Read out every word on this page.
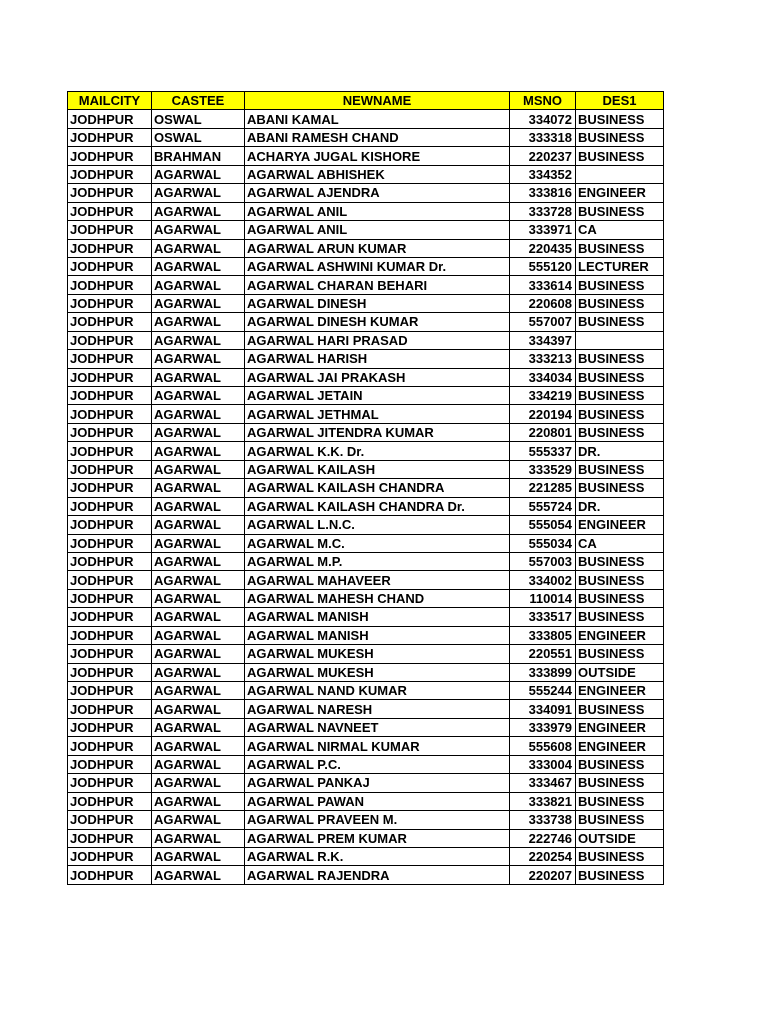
MAILCITY	CASTEE	NEWNAME	MSNO	DES1
JODHPUR	OSWAL	ABANI KAMAL	334072	BUSINESS
JODHPUR	OSWAL	ABANI RAMESH CHAND	333318	BUSINESS
JODHPUR	BRAHMAN	ACHARYA JUGAL KISHORE	220237	BUSINESS
JODHPUR	AGARWAL	AGARWAL ABHISHEK	334352	
JODHPUR	AGARWAL	AGARWAL AJENDRA	333816	ENGINEER
JODHPUR	AGARWAL	AGARWAL ANIL	333728	BUSINESS
JODHPUR	AGARWAL	AGARWAL ANIL	333971	CA
JODHPUR	AGARWAL	AGARWAL ARUN KUMAR	220435	BUSINESS
JODHPUR	AGARWAL	AGARWAL ASHWINI KUMAR Dr.	555120	LECTURER
JODHPUR	AGARWAL	AGARWAL CHARAN BEHARI	333614	BUSINESS
JODHPUR	AGARWAL	AGARWAL DINESH	220608	BUSINESS
JODHPUR	AGARWAL	AGARWAL DINESH KUMAR	557007	BUSINESS
JODHPUR	AGARWAL	AGARWAL HARI PRASAD	334397	
JODHPUR	AGARWAL	AGARWAL HARISH	333213	BUSINESS
JODHPUR	AGARWAL	AGARWAL JAI PRAKASH	334034	BUSINESS
JODHPUR	AGARWAL	AGARWAL JETAIN	334219	BUSINESS
JODHPUR	AGARWAL	AGARWAL JETHMAL	220194	BUSINESS
JODHPUR	AGARWAL	AGARWAL JITENDRA KUMAR	220801	BUSINESS
JODHPUR	AGARWAL	AGARWAL K.K. Dr.	555337	DR.
JODHPUR	AGARWAL	AGARWAL KAILASH	333529	BUSINESS
JODHPUR	AGARWAL	AGARWAL KAILASH CHANDRA	221285	BUSINESS
JODHPUR	AGARWAL	AGARWAL KAILASH CHANDRA Dr.	555724	DR.
JODHPUR	AGARWAL	AGARWAL L.N.C.	555054	ENGINEER
JODHPUR	AGARWAL	AGARWAL M.C.	555034	CA
JODHPUR	AGARWAL	AGARWAL M.P.	557003	BUSINESS
JODHPUR	AGARWAL	AGARWAL MAHAVEER	334002	BUSINESS
JODHPUR	AGARWAL	AGARWAL MAHESH CHAND	110014	BUSINESS
JODHPUR	AGARWAL	AGARWAL MANISH	333517	BUSINESS
JODHPUR	AGARWAL	AGARWAL MANISH	333805	ENGINEER
JODHPUR	AGARWAL	AGARWAL MUKESH	220551	BUSINESS
JODHPUR	AGARWAL	AGARWAL MUKESH	333899	OUTSIDE
JODHPUR	AGARWAL	AGARWAL NAND KUMAR	555244	ENGINEER
JODHPUR	AGARWAL	AGARWAL NARESH	334091	BUSINESS
JODHPUR	AGARWAL	AGARWAL NAVNEET	333979	ENGINEER
JODHPUR	AGARWAL	AGARWAL NIRMAL KUMAR	555608	ENGINEER
JODHPUR	AGARWAL	AGARWAL P.C.	333004	BUSINESS
JODHPUR	AGARWAL	AGARWAL PANKAJ	333467	BUSINESS
JODHPUR	AGARWAL	AGARWAL PAWAN	333821	BUSINESS
JODHPUR	AGARWAL	AGARWAL PRAVEEN M.	333738	BUSINESS
JODHPUR	AGARWAL	AGARWAL PREM KUMAR	222746	OUTSIDE
JODHPUR	AGARWAL	AGARWAL R.K.	220254	BUSINESS
JODHPUR	AGARWAL	AGARWAL RAJENDRA	220207	BUSINESS
